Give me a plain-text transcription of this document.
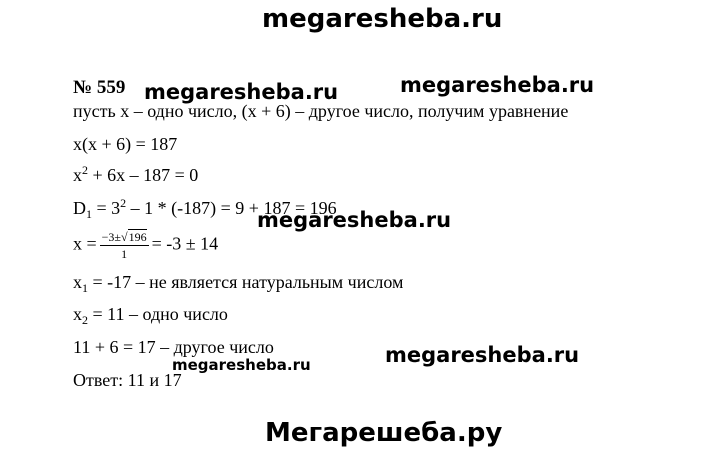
megaresheba.ru
№ 559 megaresheba.ru	megaresheba.ru
пусть x – одно число, (x + 6) – другое число, получим уравнение
x(x + 6) = 187
$x^2 + 6x - 187 = 0$
$D_1 = 3^2 - 1 * (-187) = 9 + 187 = 196$
megaresheba.ru
$x = \frac{-3\pm√196}{1} = -3 \pm 14$
$x_1 = -17$ – не является натуральным числом
$x_2 = 11$ – одно число
11 + 6 = 17 – другое число	megaresheba.ru
Ответ: 11 и 17
megaresheba.ru
Мегарешеба.ру
